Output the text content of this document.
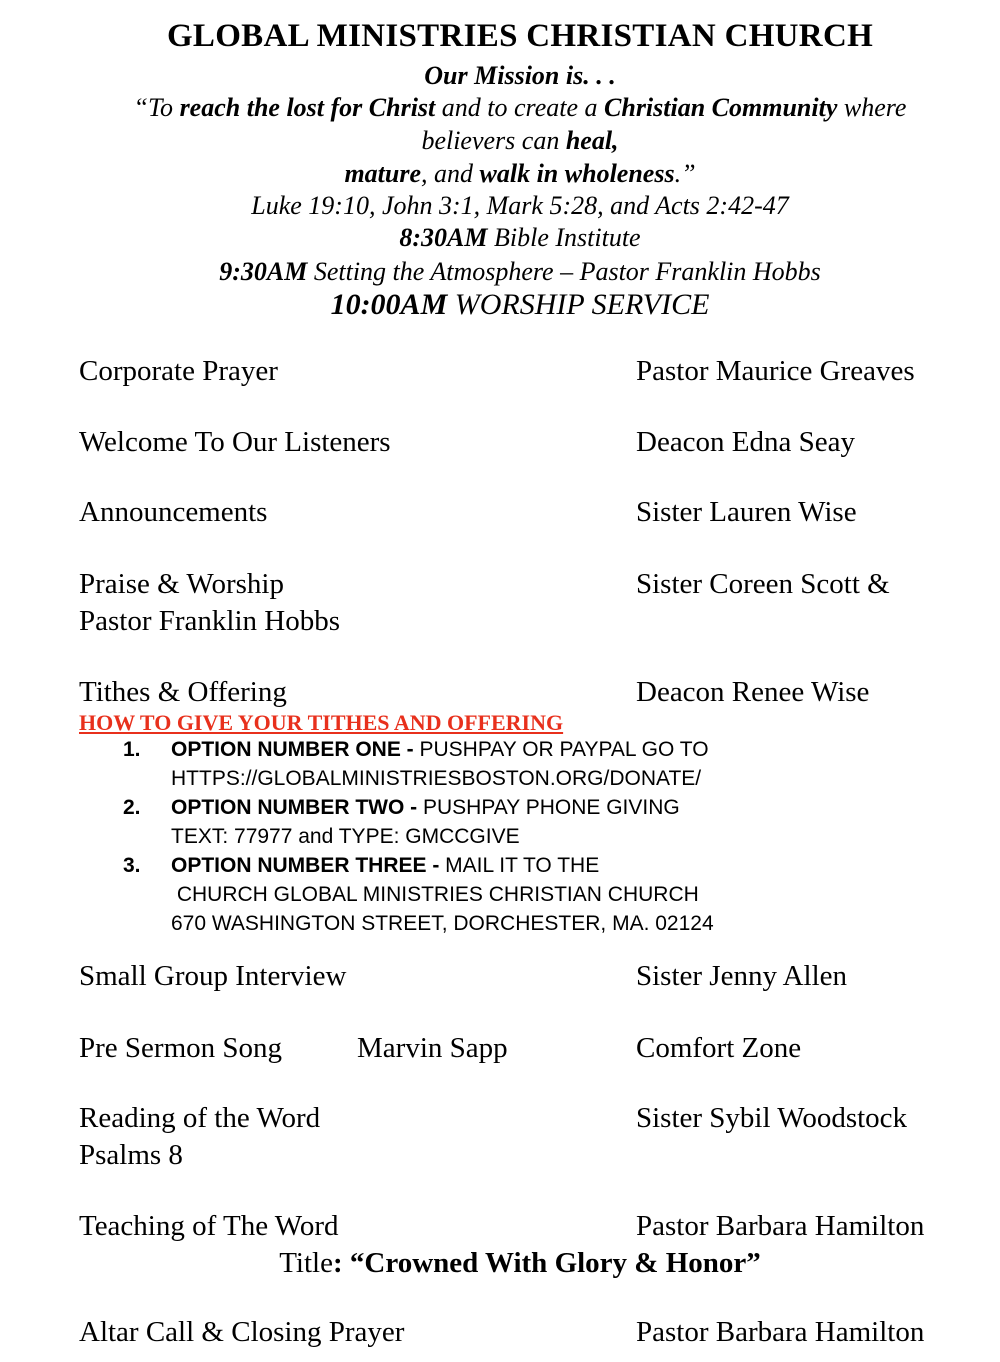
GLOBAL MINISTRIES CHRISTIAN CHURCH
Our Mission is. . .
“To reach the lost for Christ and to create a Christian Community where
believers can heal,
mature, and walk in wholeness.”
Luke 19:10, John 3:1, Mark 5:28, and Acts 2:42-47
8:30AM Bible Institute
9:30AM Setting the Atmosphere – Pastor Franklin Hobbs
10:00AM WORSHIP SERVICE
Corporate Prayer	Pastor Maurice Greaves
Welcome To Our Listeners	Deacon Edna Seay
Announcements	Sister Lauren Wise
Praise & Worship	Sister Coreen Scott &
Pastor Franklin Hobbs
Tithes & Offering	Deacon Renee Wise
HOW TO GIVE YOUR TITHES AND OFFERING
1. OPTION NUMBER ONE - PUSHPAY OR PAYPAL GO TO
HTTPS://GLOBALMINISTRIESBOSTON.ORG/DONATE/
2. OPTION NUMBER TWO - PUSHPAY PHONE GIVING
TEXT: 77977 and TYPE: GMCCGIVE
3. OPTION NUMBER THREE - MAIL IT TO THE
CHURCH GLOBAL MINISTRIES CHRISTIAN CHURCH
670 WASHINGTON STREET, DORCHESTER, MA. 02124
Small Group Interview	Sister Jenny Allen
Pre Sermon Song	Marvin Sapp	Comfort Zone
Reading of the Word	Sister Sybil Woodstock
Psalms 8
Teaching of The Word	Pastor Barbara Hamilton
Title: “Crowned With Glory & Honor”
Altar Call & Closing Prayer	Pastor Barbara Hamilton
